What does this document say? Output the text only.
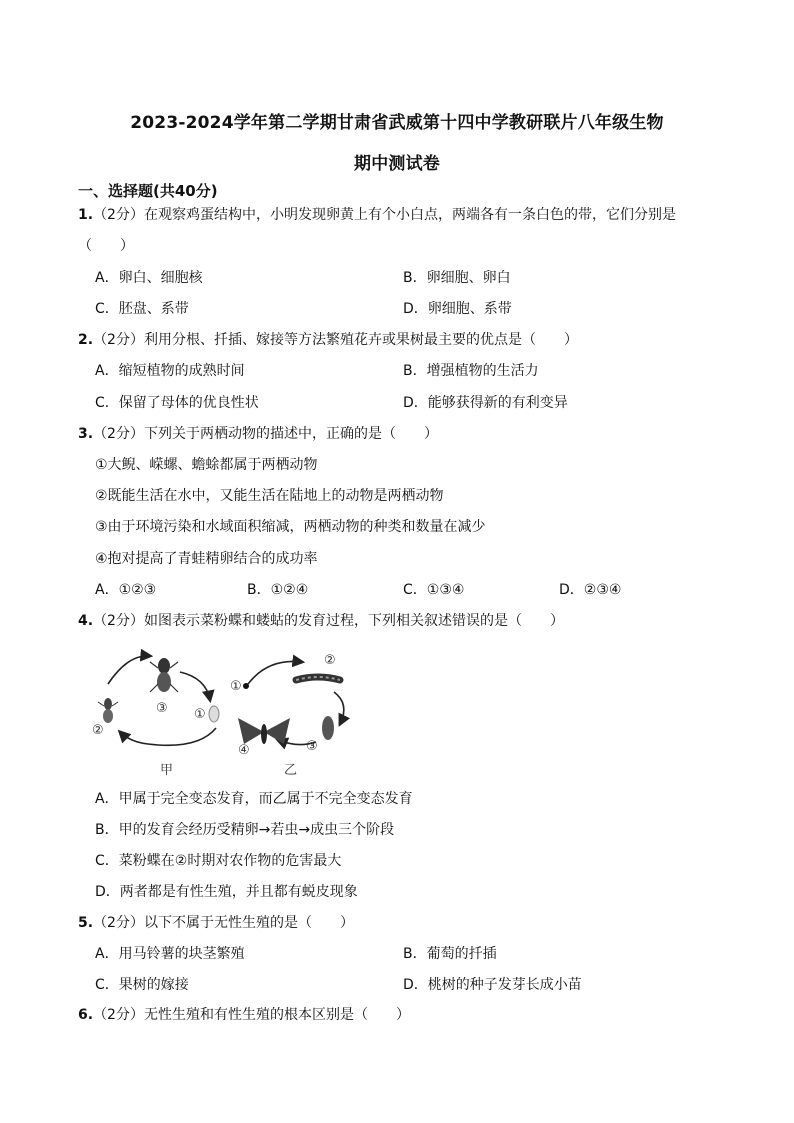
2023-2024学年第二学期甘肃省武威第十四中学教研联片八年级生物
期中测试卷
一、选择题(共40分)
1.（2分）在观察鸡蛋结构中，小明发现卵黄上有个小白点，两端各有一条白色的带，它们分别是
（　　）
A．卵白、细胞核	B．卵细胞、卵白
C．胚盘、系带	D．卵细胞、系带
2.（2分）利用分根、扦插、嫁接等方法繁殖花卉或果树最主要的优点是（　　）
A．缩短植物的成熟时间	B．增强植物的生活力
C．保留了母体的优良性状	D．能够获得新的有利变异
3.（2分）下列关于两栖动物的描述中，正确的是（　　）
①大鲵、嵘螺、蟾蜍都属于两栖动物
②既能生活在水中，又能生活在陆地上的动物是两栖动物
③由于环境污染和水域面积缩减，两栖动物的种类和数量在减少
④抱对提高了青蛙精卵结合的成功率
A．①②③	B．①②④	C．①③④	D．②③④
4.（2分）如图表示菜粉蝶和蝼蛄的发育过程，下列相关叙述错误的是（　　）
③ ①
②
甲
①
②
③
④
乙
A．甲属于完全变态发育，而乙属于不完全变态发育
B．甲的发育会经历受精卵→若虫→成虫三个阶段
C．菜粉蝶在②时期对农作物的危害最大
D．两者都是有性生殖，并且都有蜕皮现象
5.（2分）以下不属于无性生殖的是（　　）
A．用马铃薯的块茎繁殖	B．葡萄的扦插
C．果树的嫁接	D．桃树的种子发芽长成小苗
6.（2分）无性生殖和有性生殖的根本区别是（　　）
